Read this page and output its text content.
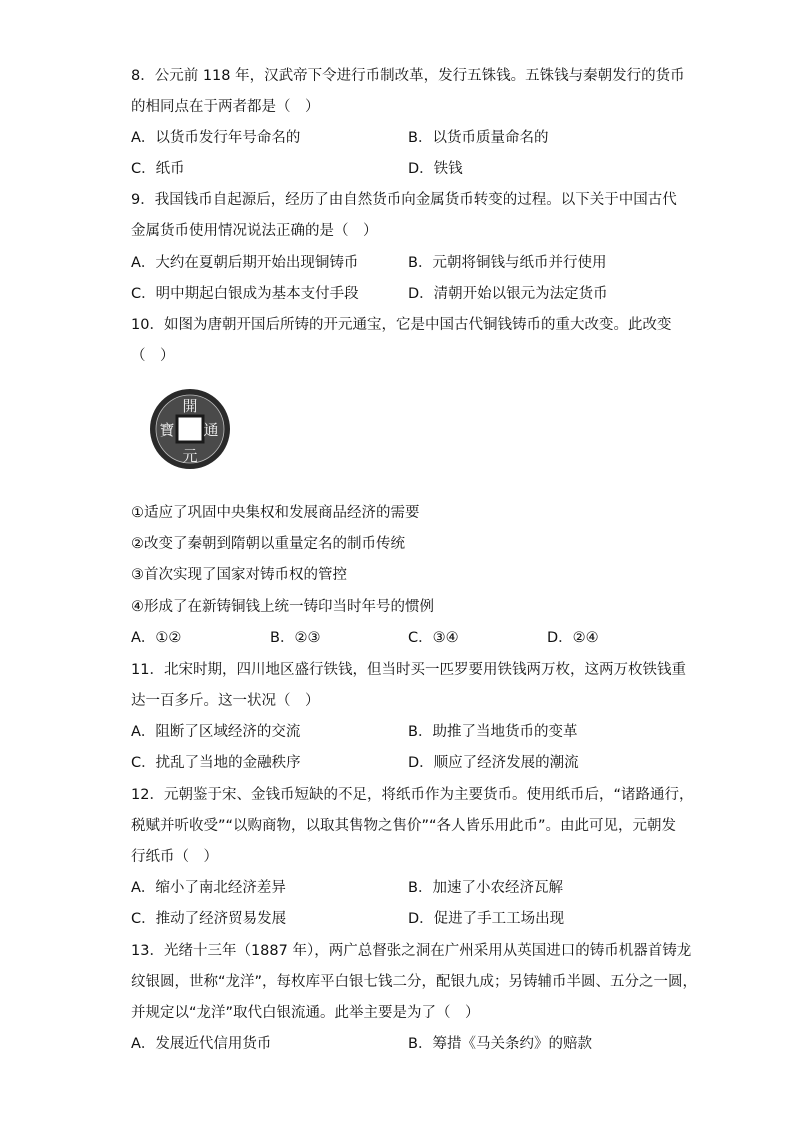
8．公元前 118 年，汉武帝下令进行币制改革，发行五铢钱。五铢钱与秦朝发行的货币
的相同点在于两者都是（　）
A．以货币发行年号命名的	B．以货币质量命名的
C．纸币	D．铁钱
9．我国钱币自起源后，经历了由自然货币向金属货币转变的过程。以下关于中国古代
金属货币使用情况说法正确的是（　）
A．大约在夏朝后期开始出现铜铸币	B．元朝将铜钱与纸币并行使用
C．明中期起白银成为基本支付手段	D．清朝开始以银元为法定货币
10．如图为唐朝开国后所铸的开元通宝，它是中国古代铜钱铸币的重大改变。此改变
（　）
開
通
元
寶
①适应了巩固中央集权和发展商品经济的需要
②改变了秦朝到隋朝以重量定名的制币传统
③首次实现了国家对铸币权的管控
④形成了在新铸铜钱上统一铸印当时年号的惯例
A．①②	B．②③	C．③④	D．②④
11．北宋时期，四川地区盛行铁钱，但当时买一匹罗要用铁钱两万枚，这两万枚铁钱重
达一百多斤。这一状况（　）
A．阻断了区域经济的交流	B．助推了当地货币的变革
C．扰乱了当地的金融秩序	D．顺应了经济发展的潮流
12．元朝鉴于宋、金钱币短缺的不足，将纸币作为主要货币。使用纸币后，“诸路通行，
税赋并听收受”“以购商物，以取其售物之售价”“各人皆乐用此币”。由此可见，元朝发
行纸币（　）
A．缩小了南北经济差异	B．加速了小农经济瓦解
C．推动了经济贸易发展	D．促进了手工工场出现
13．光绪十三年（1887 年），两广总督张之洞在广州采用从英国进口的铸币机器首铸龙
纹银圆，世称“龙洋”，每枚库平白银七钱二分，配银九成；另铸辅币半圆、五分之一圆，
并规定以“龙洋”取代白银流通。此举主要是为了（　）
A．发展近代信用货币	B．筹措《马关条约》的赔款
